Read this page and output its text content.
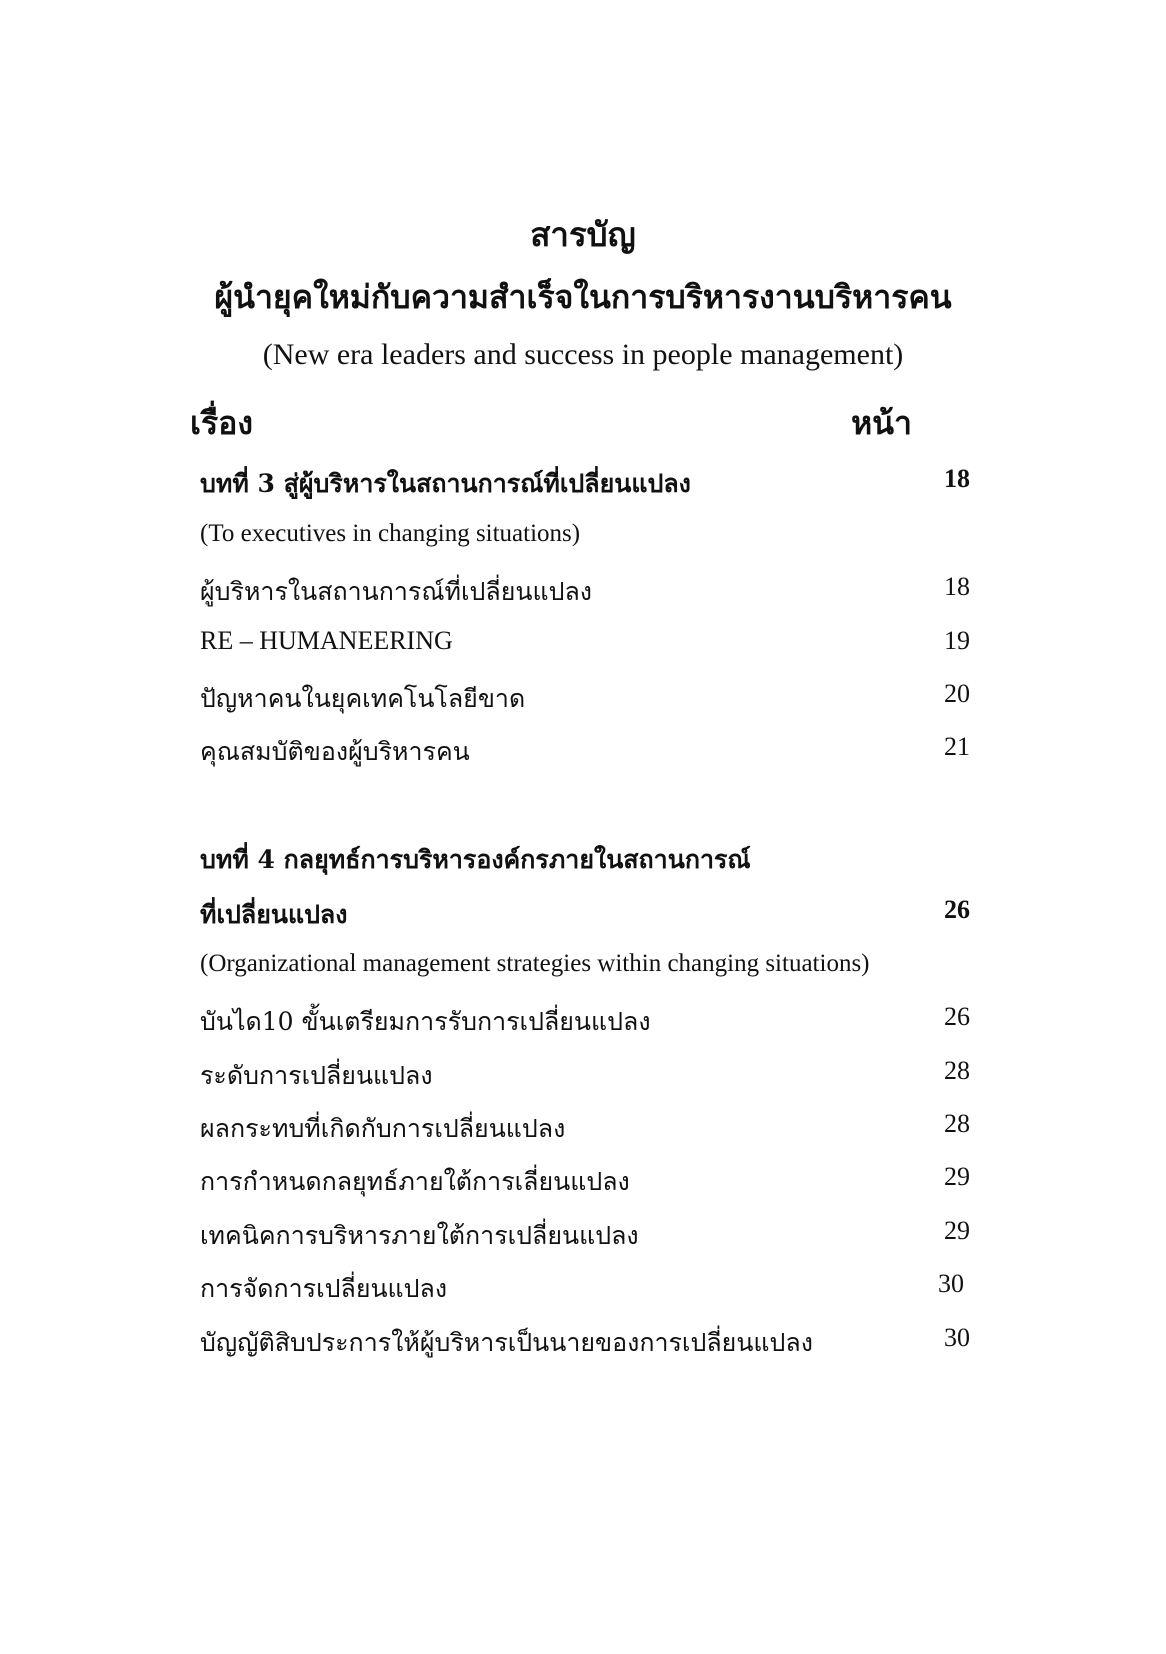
สารบัญ
ผู้นำยุคใหม่กับความสำเร็จในการบริหารงานบริหารคน
(New era leaders and success in people management)
เรื่อง	หน้า
บทที่ 3 สู่ผู้บริหารในสถานการณ์ที่เปลี่ยนแปลง	18
(To executives in changing situations)
ผู้บริหารในสถานการณ์ที่เปลี่ยนแปลง	18
RE – HUMANEERING	19
ปัญหาคนในยุคเทคโนโลยีขาด	20
คุณสมบัติของผู้บริหารคน	21
บทที่ 4 กลยุทธ์การบริหารองค์กรภายในสถานการณ์
ที่เปลี่ยนแปลง	26
(Organizational management strategies within changing situations)
บันได10 ขั้นเตรียมการรับการเปลี่ยนแปลง	26
ระดับการเปลี่ยนแปลง	28
ผลกระทบที่เกิดกับการเปลี่ยนแปลง	28
การกำหนดกลยุทธ์ภายใต้การเลี่ยนแปลง	29
เทคนิคการบริหารภายใต้การเปลี่ยนแปลง	29
การจัดการเปลี่ยนแปลง	30
บัญญัติสิบประการให้ผู้บริหารเป็นนายของการเปลี่ยนแปลง	30
